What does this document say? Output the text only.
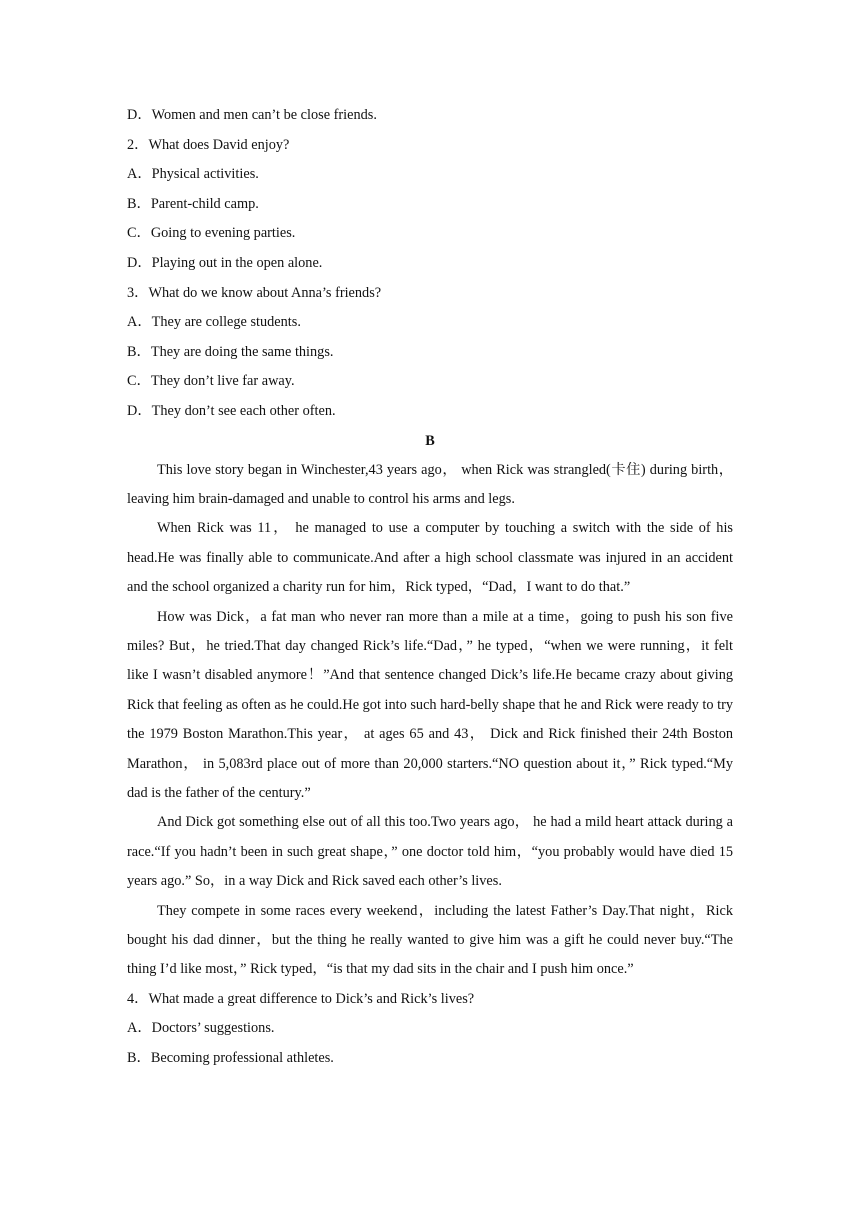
D．Women and men can’t be close friends.
2．What does David enjoy?
A．Physical activities.
B．Parent-child camp.
C．Going to evening parties.
D．Playing out in the open alone.
3．What do we know about Anna’s friends?
A．They are college students.
B．They are doing the same things.
C．They don’t live far away.
D．They don’t see each other often.
B

This love story began in Winchester,43 years ago， when Rick was strangled(卡住) during birth，leaving him brain-damaged and unable to control his arms and legs.

When Rick was 11， he managed to use a computer by touching a switch with the side of his head.He was finally able to communicate.And after a high school classmate was injured in an accident and the school organized a charity run for him，Rick typed，“Dad，I want to do that.”

How was Dick，a fat man who never ran more than a mile at a time，going to push his son five miles? But，he tried.That day changed Rick’s life.“Dad，” he typed，“when we were running，it felt like I wasn’t disabled anymore！”And that sentence changed Dick’s life.He became crazy about giving Rick that feeling as often as he could.He got into such hard-belly shape that he and Rick were ready to try the 1979 Boston Marathon.This year， at ages 65 and 43， Dick and Rick finished their 24th Boston Marathon， in 5,083rd place out of more than 20,000 starters.“NO question about it，” Rick typed.“My dad is the father of the century.”

And Dick got something else out of all this too.Two years ago， he had a mild heart attack during a race.“If you hadn’t been in such great shape，” one doctor told him，“you probably would have died 15 years ago.” So，in a way Dick and Rick saved each other’s lives.

They compete in some races every weekend，including the latest Father’s Day.That night，Rick bought his dad dinner，but the thing he really wanted to give him was a gift he could never buy.“The thing I’d like most，” Rick typed，“is that my dad sits in the chair and I push him once.”

4．What made a great difference to Dick’s and Rick’s lives?
A．Doctors’ suggestions.
B．Becoming professional athletes.
